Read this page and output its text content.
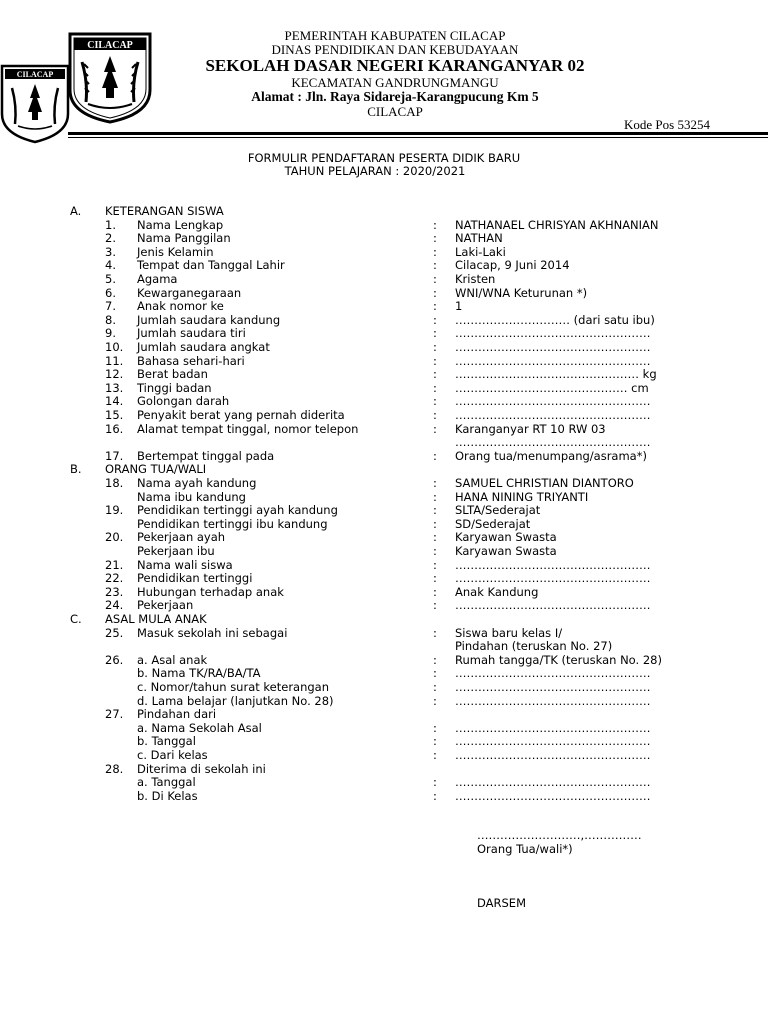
CILACAP
CILACAP
PEMERINTAH KABUPATEN CILACAP
DINAS PENDIDIKAN DAN KEBUDAYAAN
SEKOLAH DASAR NEGERI KARANGANYAR 02
KECAMATAN GANDRUNGMANGU
Alamat : Jln. Raya Sidareja-Karangpucung Km 5
CILACAP
Kode Pos 53254
FORMULIR PENDAFTARAN PESERTA DIDIK BARU
TAHUN PELAJARAN : 2020/2021
A. KETERANGAN SISWA
1. Nama Lengkap	: NATHANAEL CHRISYAN AKHNANIAN
2. Nama Panggilan	: NATHAN
3. Jenis Kelamin	: Laki-Laki
4. Tempat dan Tanggal Lahir	: Cilacap, 9 Juni 2014
5. Agama	: Kristen
6. Kewarganegaraan	: WNI/WNA Keturunan *)
7. Anak nomor ke	: 1
8. Jumlah saudara kandung	: ………………………… (dari satu ibu)
9. Jumlah saudara tiri	: ……………………………………………
10. Jumlah saudara angkat	: ……………………………………………
11. Bahasa sehari-hari	: ……………………………………………
12. Berat badan	: ………………………………………… kg
13. Tinggi badan	: ……………………………………… cm
14. Golongan darah	: ……………………………………………
15. Penyakit berat yang pernah diderita	: ……………………………………………
16. Alamat tempat tinggal, nomor telepon	: Karanganyar RT 10 RW 03
……………………………………………
17. Bertempat tinggal pada	: Orang tua/menumpang/asrama*)
B. ORANG TUA/WALI
18. Nama ayah kandung	: SAMUEL CHRISTIAN DIANTORO
Nama ibu kandung	: HANA NINING TRIYANTI
19. Pendidikan tertinggi ayah kandung	: SLTA/Sederajat
Pendidikan tertinggi ibu kandung	: SD/Sederajat
20. Pekerjaan ayah	: Karyawan Swasta
Pekerjaan ibu	: Karyawan Swasta
21. Nama wali siswa	: ……………………………………………
22. Pendidikan tertinggi	: ……………………………………………
23. Hubungan terhadap anak	: Anak Kandung
24. Pekerjaan	: ……………………………………………
C. ASAL MULA ANAK
25. Masuk sekolah ini sebagai	: Siswa baru kelas I/
Pindahan (teruskan No. 27)
26. a. Asal anak	: Rumah tangga/TK (teruskan No. 28)
b. Nama TK/RA/BA/TA	: ……………………………………………
c. Nomor/tahun surat keterangan	: ……………………………………………
d. Lama belajar (lanjutkan No. 28)	: ……………………………………………
27. Pindahan dari
a. Nama Sekolah Asal	: ……………………………………………
b. Tanggal	: ……………………………………………
c. Dari kelas	: ……………………………………………
28. Diterima di sekolah ini
a. Tanggal	: ……………………………………………
b. Di Kelas	: ……………………………………………
………………………,……………
Orang Tua/wali*)
DARSEM
